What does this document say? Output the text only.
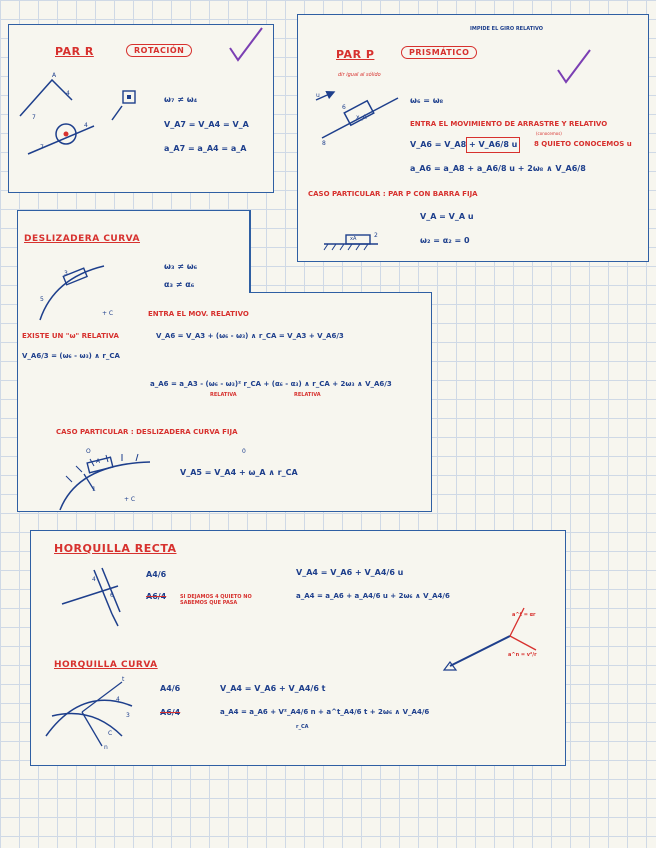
PAR R	ROTACIÓN
A
4
7
4
7
ω₇ ≠ ω₄
V_A7 = V_A4 = V_A
a_A7 = a_A4 = a_A
IMPIDE EL GIRO RELATIVO
PAR P	PRISMÁTICO
dir igual al sólido
6
8
u
x_A
ω₆ = ω₈
ENTRA EL MOVIMIENTO DE ARRASTRE Y RELATIVO
(conocemos)
V_A6 = V_A8 + V_A6/8 u 8 QUIETO CONOCEMOS u
a_A6 = a_A8 + a_A6/8 u + 2ω₈ ∧ V_A6/8
CASO PARTICULAR : PAR P CON BARRA FIJA
V_A = V_A u
xA	2
ω₂ = α₂ = 0
DESLIZADERA CURVA
+ C
3
5
ω₃ ≠ ω₆
α₃ ≠ α₆
ENTRA EL MOV. RELATIVO
EXISTE UN "ω" RELATIVA	V_A6 = V_A3 + (ω₆ - ω₃) ∧ r_CA = V_A3 + V_A6/3
V_A6/3 = (ω₆ - ω₃) ∧ r_CA
a_A6 = a_A3 - (ω₆ - ω₃)² r_CA + (α₆ - α₃) ∧ r_CA + 2ω₃ ∧ V_A6/3
RELATIVA	RELATIVA
CASO PARTICULAR : DESLIZADERA CURVA FIJA
O
A
1
+ C
0
V_A5 = V_A4 + ω_A ∧ r_CA
HORQUILLA RECTA
4
6
A4/6
A6/4	SI DEJAMOS 4 QUIETO NO SABEMOS QUE PASA
V_A4 = V_A6 + V_A4/6 u
a_A4 = a_A6 + a_A4/6 u + 2ω₆ ∧ V_A4/6
a^t = αr
a^n = v²/r
HORQUILLA CURVA
t
n
C
3
4
A4/6
A6/4
V_A4 = V_A6 + V_A4/6 t
a_A4 = a_A6 + V²_A4/6 n + a^t_A4/6 t + 2ω₆ ∧ V_A4/6
r_CA
